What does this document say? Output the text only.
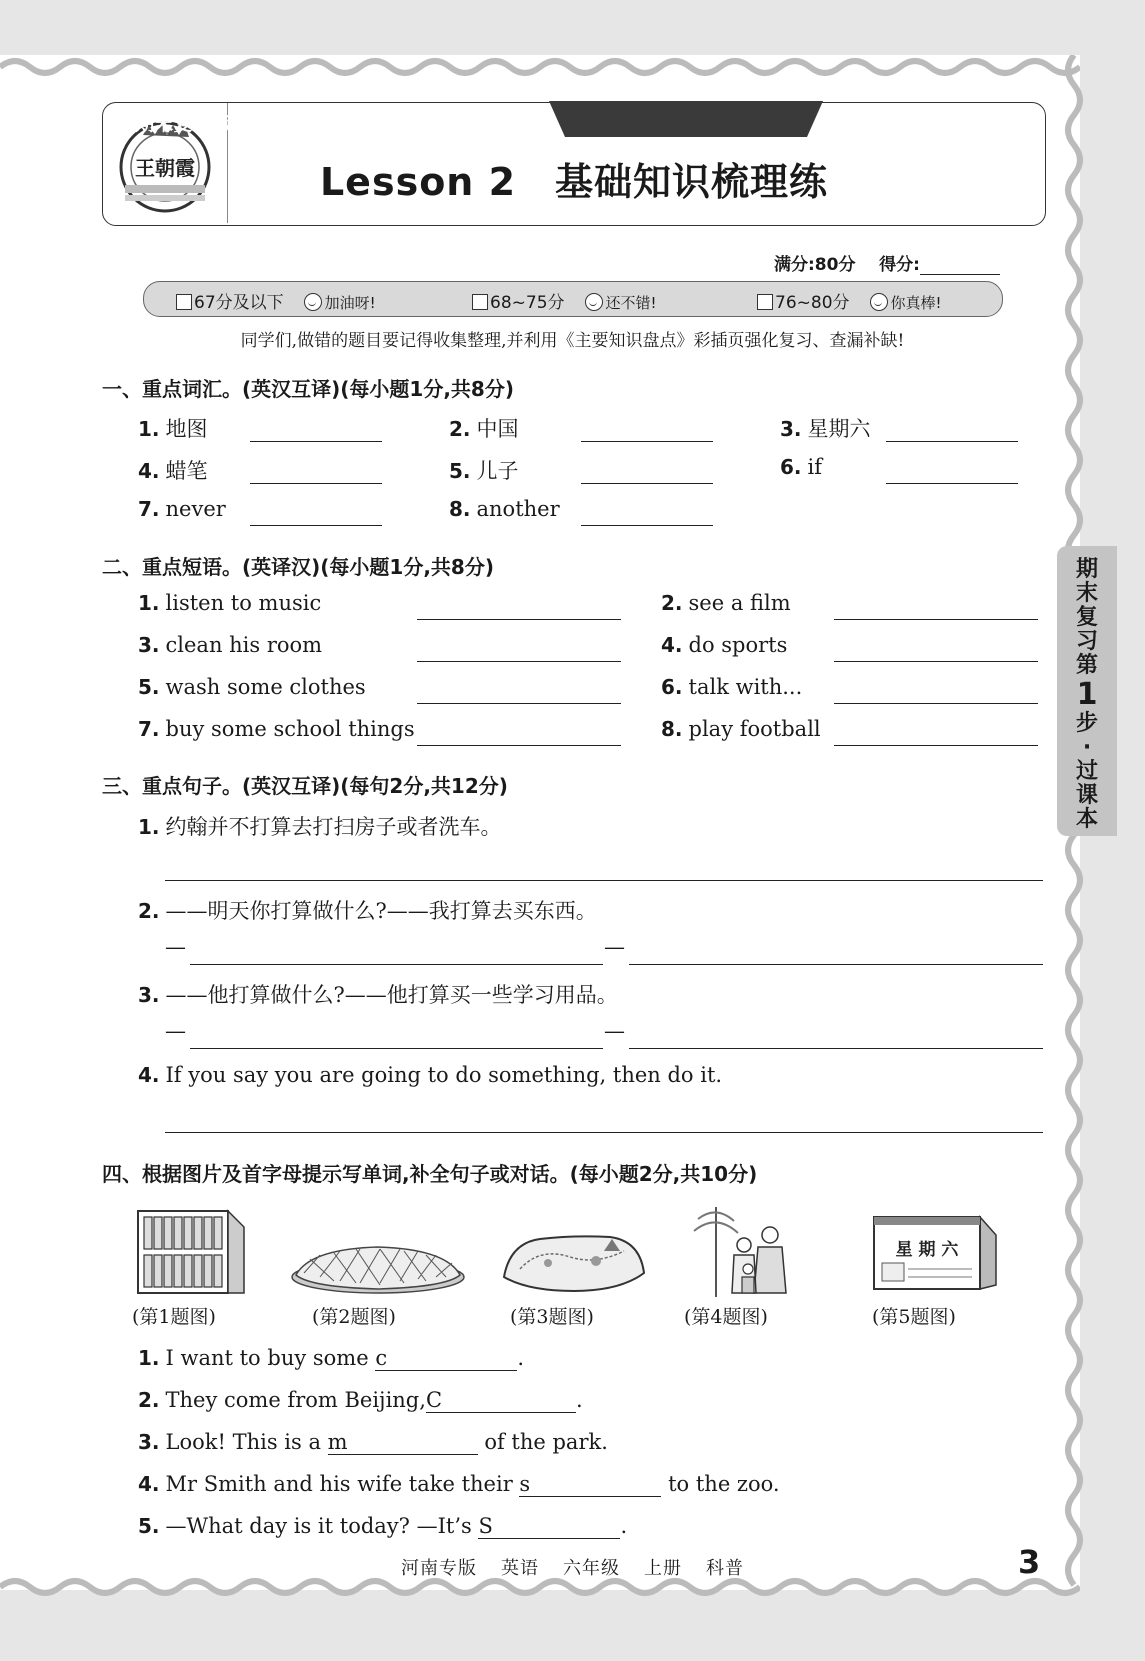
王朝霞
期末复习第1步 · 过课本
Lesson 2　基础知识梳理练
满分:80分 得分:
67分及以下	加油呀!	68~75分	还不错!	76~80分	你真棒!
同学们,做错的题目要记得收集整理,并利用《主要知识盘点》彩插页强化复习、查漏补缺!
一、重点词汇。(英汉互译)(每小题1分,共8分)
1. 地图	2. 中国	3. 星期六
4. 蜡笔	5. 儿子	6. if
7. never	8. another
二、重点短语。(英译汉)(每小题1分,共8分)
1. listen to music	2. see a film
3. clean his room	4. do sports
5. wash some clothes	6. talk with...
7. buy some school things	8. play football
三、重点句子。(英汉互译)(每句2分,共12分)
1. 约翰并不打算去打扫房子或者洗车。
2. ——明天你打算做什么?——我打算去买东西。
—	—
3. ——他打算做什么?——他打算买一些学习用品。
—	—
4. If you say you are going to do something, then do it.
期末复习第
1
步·过课本
四、根据图片及首字母提示写单词,补全句子或对话。(每小题2分,共10分)
星 期 六
(第1题图)	(第2题图)	(第3题图)	(第4题图)	(第5题图)
1. I want to buy some c	.
2. They come from Beijing,C	.
3. Look! This is a m	of the park.
4. Mr Smith and his wife take their s	to the zoo.
5. —What day is it today? —It’s S	.
河南专版 英语 六年级 上册 科普	3
